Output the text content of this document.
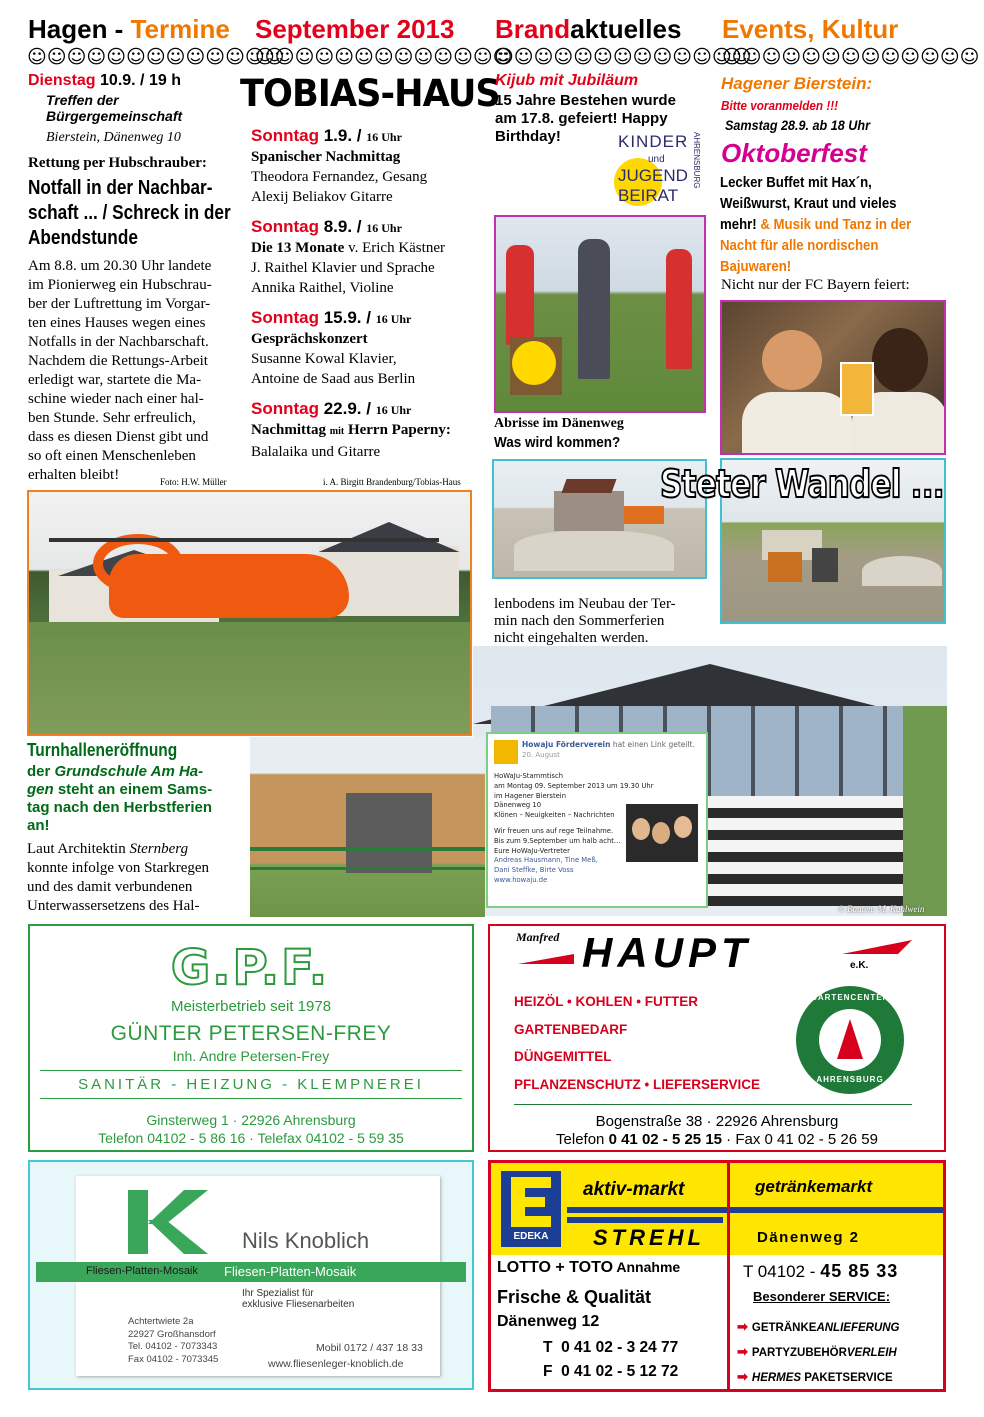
Hagen - Termine September 2013 Brandaktuelles Events, Kultur
☺☺☺☺☺☺☺☺☺☺☺☺☺
☺☺☺☺☺☺☺☺☺☺☺☺☺
☺☺☺☺☺☺☺☺☺☺☺☺☺
☺☺☺☺☺☺☺☺☺☺☺☺☺
Dienstag 10.9. / 19 h
Treffen der
Bürgergemeinschaft
Bierstein, Dänenweg 10
Rettung per Hubschrauber:
Notfall in der Nachbar-
schaft ... / Schreck in der
Abendstunde
Am 8.8. um 20.30 Uhr landete
im Pionierweg ein Hubschrau-
ber der Luftrettung im Vorgar-
ten eines Hauses wegen eines
Notfalls in der Nachbarschaft.
Nachdem die Rettungs-Arbeit
erledigt war, startete die Ma-
schine wieder nach einer hal-
ben Stunde. Sehr erfreulich,
dass es diesen Dienst gibt und
so oft einen Menschenleben
erhalten bleibt!	Foto: H.W. Müller
TOBIAS-HAUS
Sonntag 1.9. / 16 Uhr
Spanischer Nachmittag
Theodora Fernandez, Gesang
Alexij Beliakov Gitarre
Sonntag 8.9. / 16 Uhr
Die 13 Monate v. Erich Kästner
J. Raithel Klavier und Sprache
Annika Raithel, Violine
Sonntag 15.9. / 16 Uhr
Gesprächskonzert
Susanne Kowal Klavier,
Antoine de Saad aus Berlin
Sonntag 22.9. / 16 Uhr
Nachmittag mit Herrn Paperny:
Balalaika und Gitarre
i. A. Birgitt Brandenburg/Tobias-Haus
Kijub mit Jubiläum
15 Jahre Bestehen wurde
am 17.8. gefeiert! Happy
Birthday!	KINDER
und
JUGEND
BEIRAT
AHRENSBURG
Abrisse im Dänenweg
Was wird kommen?
Steter Wandel ...
lenbodens im Neubau der Ter-
min nach den Sommerferien
nicht eingehalten werden.
Hagener Bierstein:
Bitte voranmelden !!!
Samstag 28.9. ab 18 Uhr
Oktoberfest
Lecker Buffet mit Hax´n,
Weißwurst, Kraut und vieles
mehr! & Musik und Tanz in der
Nacht für alle nordischen
Bajuwaren!
Nicht nur der FC Bayern feiert:
© Bauten: M. Kuhlwein
Howaju Förderverein hat einen Link geteilt.
20. August
HoWaJu-Stammtisch
am Montag 09. September 2013 um 19.30 Uhr
im Hagener Bierstein
Dänenweg 10
Klönen – Neuigkeiten – Nachrichten
Wir freuen uns auf rege Teilnahme.
Bis zum 9.September um halb acht...
Eure HoWaJu-Vertreter
Andreas Hausmann, Tine Meß,
Dani Steffke, Birte Voss
www.howaju.de
Turnhalleneröffnung
der Grundschule Am Ha-
gen steht an einem Sams-
tag nach den Herbstferien
an!
Laut Architektin Sternberg
konnte infolge von Starkregen
und des damit verbundenen
Unterwassersetzens des Hal-
G.P.F.
Meisterbetrieb seit 1978
GÜNTER PETERSEN-FREY
Inh. Andre Petersen-Frey
SANITÄR - HEIZUNG - KLEMPNEREI
Ginsterweg 1 · 22926 Ahrensburg
Telefon 04102 - 5 86 16 · Telefax 04102 - 5 59 35
Manfred HAUPT	e.K.
HEIZÖL • KOHLEN • FUTTER
GARTENBEDARF
DÜNGEMITTEL
PFLANZENSCHUTZ • LIEFERSERVICE
GARTENCENTER
AHRENSBURG
Bogenstraße 38 · 22926 Ahrensburg
Telefon 0 41 02 - 5 25 15 · Fax 0 41 02 - 5 26 59
Nils Knoblich
Fliesen-Platten-Mosaik Fliesen-Platten-Mosaik
Ihr Spezialist für
exklusive Fliesenarbeiten
Achtertwiete 2a
22927 Großhansdorf
Tel. 04102 - 7073343
Fax 04102 - 7073345
Mobil 0172 / 437 18 33
www.fliesenleger-knoblich.de
EDEKA
aktiv-markt
STREHL
getränkemarkt
Dänenweg 2
LOTTO + TOTO Annahme
Frische & Qualität
Dänenweg 12
T 0 41 02 - 3 24 77
F 0 41 02 - 5 12 72
T 04102 - 45 85 33
Besonderer SERVICE:
➡ GETRÄNKEANLIEFERUNG
➡ PARTYZUBEHÖRVERLEIH
➡ HERMES PAKETSERVICE
